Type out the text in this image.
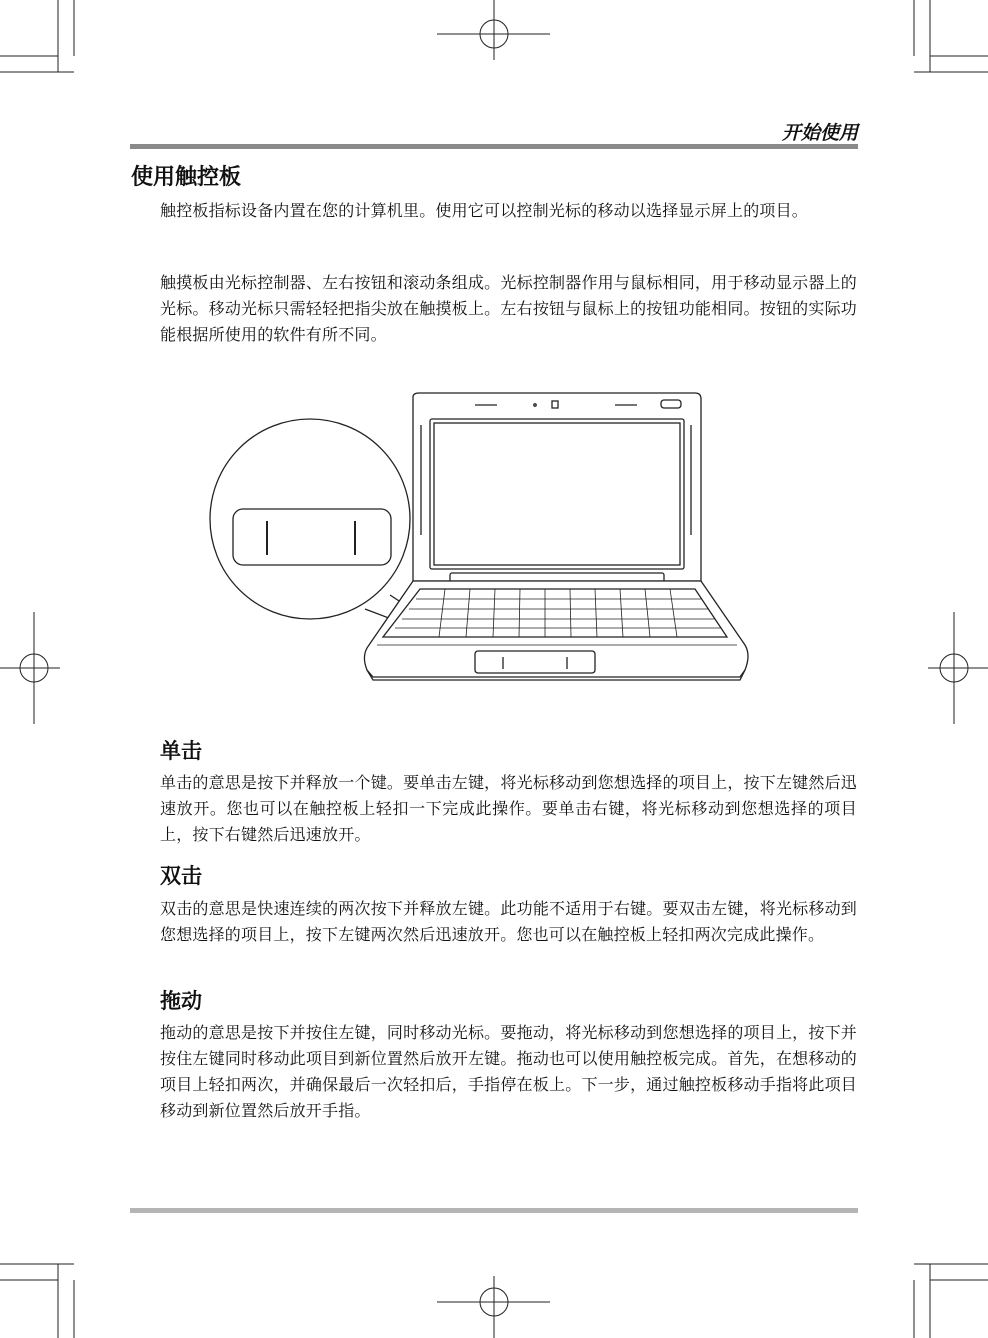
开始使用
使用触控板

触控板指标设备内置在您的计算机里。使用它可以控制光标的移动以选择显示屏上的项目。

触摸板由光标控制器、左右按钮和滚动条组成。光标控制器作用与鼠标相同，用于移动显示器上的光标。移动光标只需轻轻把指尖放在触摸板上。左右按钮与鼠标上的按钮功能相同。按钮的实际功能根据所使用的软件有所不同。

单击

单击的意思是按下并释放一个键。要单击左键，将光标移动到您想选择的项目上，按下左键然后迅速放开。您也可以在触控板上轻扣一下完成此操作。要单击右键，将光标移动到您想选择的项目上，按下右键然后迅速放开。

双击

双击的意思是快速连续的两次按下并释放左键。此功能不适用于右键。要双击左键，将光标移动到您想选择的项目上，按下左键两次然后迅速放开。您也可以在触控板上轻扣两次完成此操作。

拖动

拖动的意思是按下并按住左键，同时移动光标。要拖动，将光标移动到您想选择的项目上，按下并按住左键同时移动此项目到新位置然后放开左键。拖动也可以使用触控板完成。首先，在想移动的项目上轻扣两次，并确保最后一次轻扣后，手指停在板上。下一步，通过触控板移动手指将此项目移动到新位置然后放开手指。
